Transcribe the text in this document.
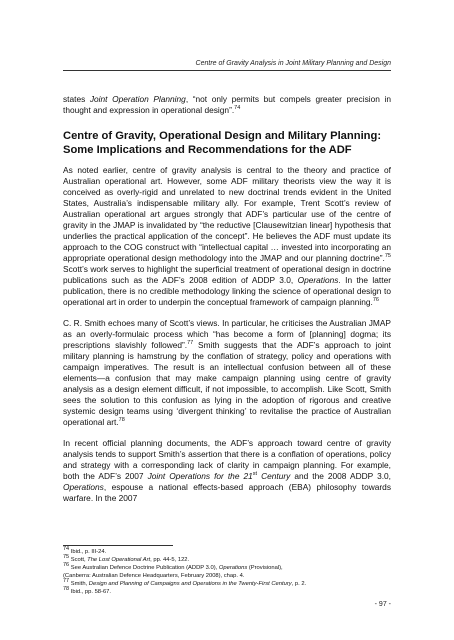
Centre of Gravity Analysis in Joint Military Planning and Design

states Joint Operation Planning, “not only permits but compels greater precision in thought and expression in operational design”.$^{74}$

Centre of Gravity, Operational Design and Military Planning: Some Implications and Recommendations for the ADF

As noted earlier, centre of gravity analysis is central to the theory and practice of Australian operational art. However, some ADF military theorists view the way it is conceived as overly-rigid and unrelated to new doctrinal trends evident in the United States, Australia’s indispensable military ally. For example, Trent Scott’s review of Australian operational art argues strongly that ADF’s particular use of the centre of gravity in the JMAP is invalidated by “the reductive [Clausewitzian linear] hypothesis that underlies the practical application of the concept”. He believes the ADF must update its approach to the COG construct with “intellectual capital … invested into incorporating an appropriate operational design methodology into the JMAP and our planning doctrine”.$^{75}$ Scott’s work serves to highlight the superficial treatment of operational design in doctrine publications such as the ADF’s 2008 edition of ADDP 3.0, Operations. In the latter publication, there is no credible methodology linking the science of operational design to operational art in order to underpin the conceptual framework of campaign planning.$^{76}$

C. R. Smith echoes many of Scott’s views. In particular, he criticises the Australian JMAP as an overly-formulaic process which “has become a form of [planning] dogma; its prescriptions slavishly followed”.$^{77}$ Smith suggests that the ADF’s approach to joint military planning is hamstrung by the conflation of strategy, policy and operations with campaign imperatives. The result is an intellectual confusion between all of these elements—a confusion that may make campaign planning using centre of gravity analysis as a design element difficult, if not impossible, to accomplish. Like Scott, Smith sees the solution to this confusion as lying in the adoption of rigorous and creative systemic design teams using ‘divergent thinking’ to revitalise the practice of Australian operational art.$^{78}$

In recent official planning documents, the ADF’s approach toward centre of gravity analysis tends to support Smith’s assertion that there is a conflation of operations, policy and strategy with a corresponding lack of clarity in campaign planning. For example, both the ADF’s 2007 Joint Operations for the 21st Century and the 2008 ADDP 3.0, Operations, espouse a national effects-based approach (EBA) philosophy towards warfare. In the 2007

$^{74}$ Ibid., p. III-24.
$^{75}$ Scott, The Lost Operational Art, pp. 44-5, 122.
$^{76}$ See Australian Defence Doctrine Publication (ADDP 3.0), Operations (Provisional),
(Canberra: Australian Defence Headquarters, February 2008), chap. 4.
$^{77}$ Smith, Design and Planning of Campaigns and Operations in the Twenty-First Century, p. 2.
$^{78}$ Ibid., pp. 58-67.
- 97 -
